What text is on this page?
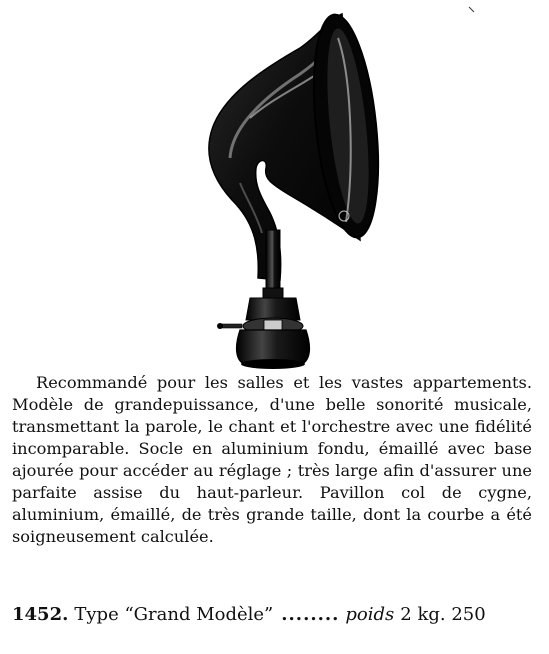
Recommandé pour les salles et les vastes appartements. Modèle de grandepuissance, d'une belle sonorité musicale, transmettant la parole, le chant et l'orchestre avec une fidélité incomparable. Socle en aluminium fondu, émaillé avec base ajourée pour accéder au réglage ; très large afin d'assurer une parfaite assise du haut-parleur. Pavillon col de cygne, aluminium, émaillé, de très grande taille, dont la courbe a été soigneusement calculée.

1452. Type “Grand Modèle” ........ poids 2 kg. 250
